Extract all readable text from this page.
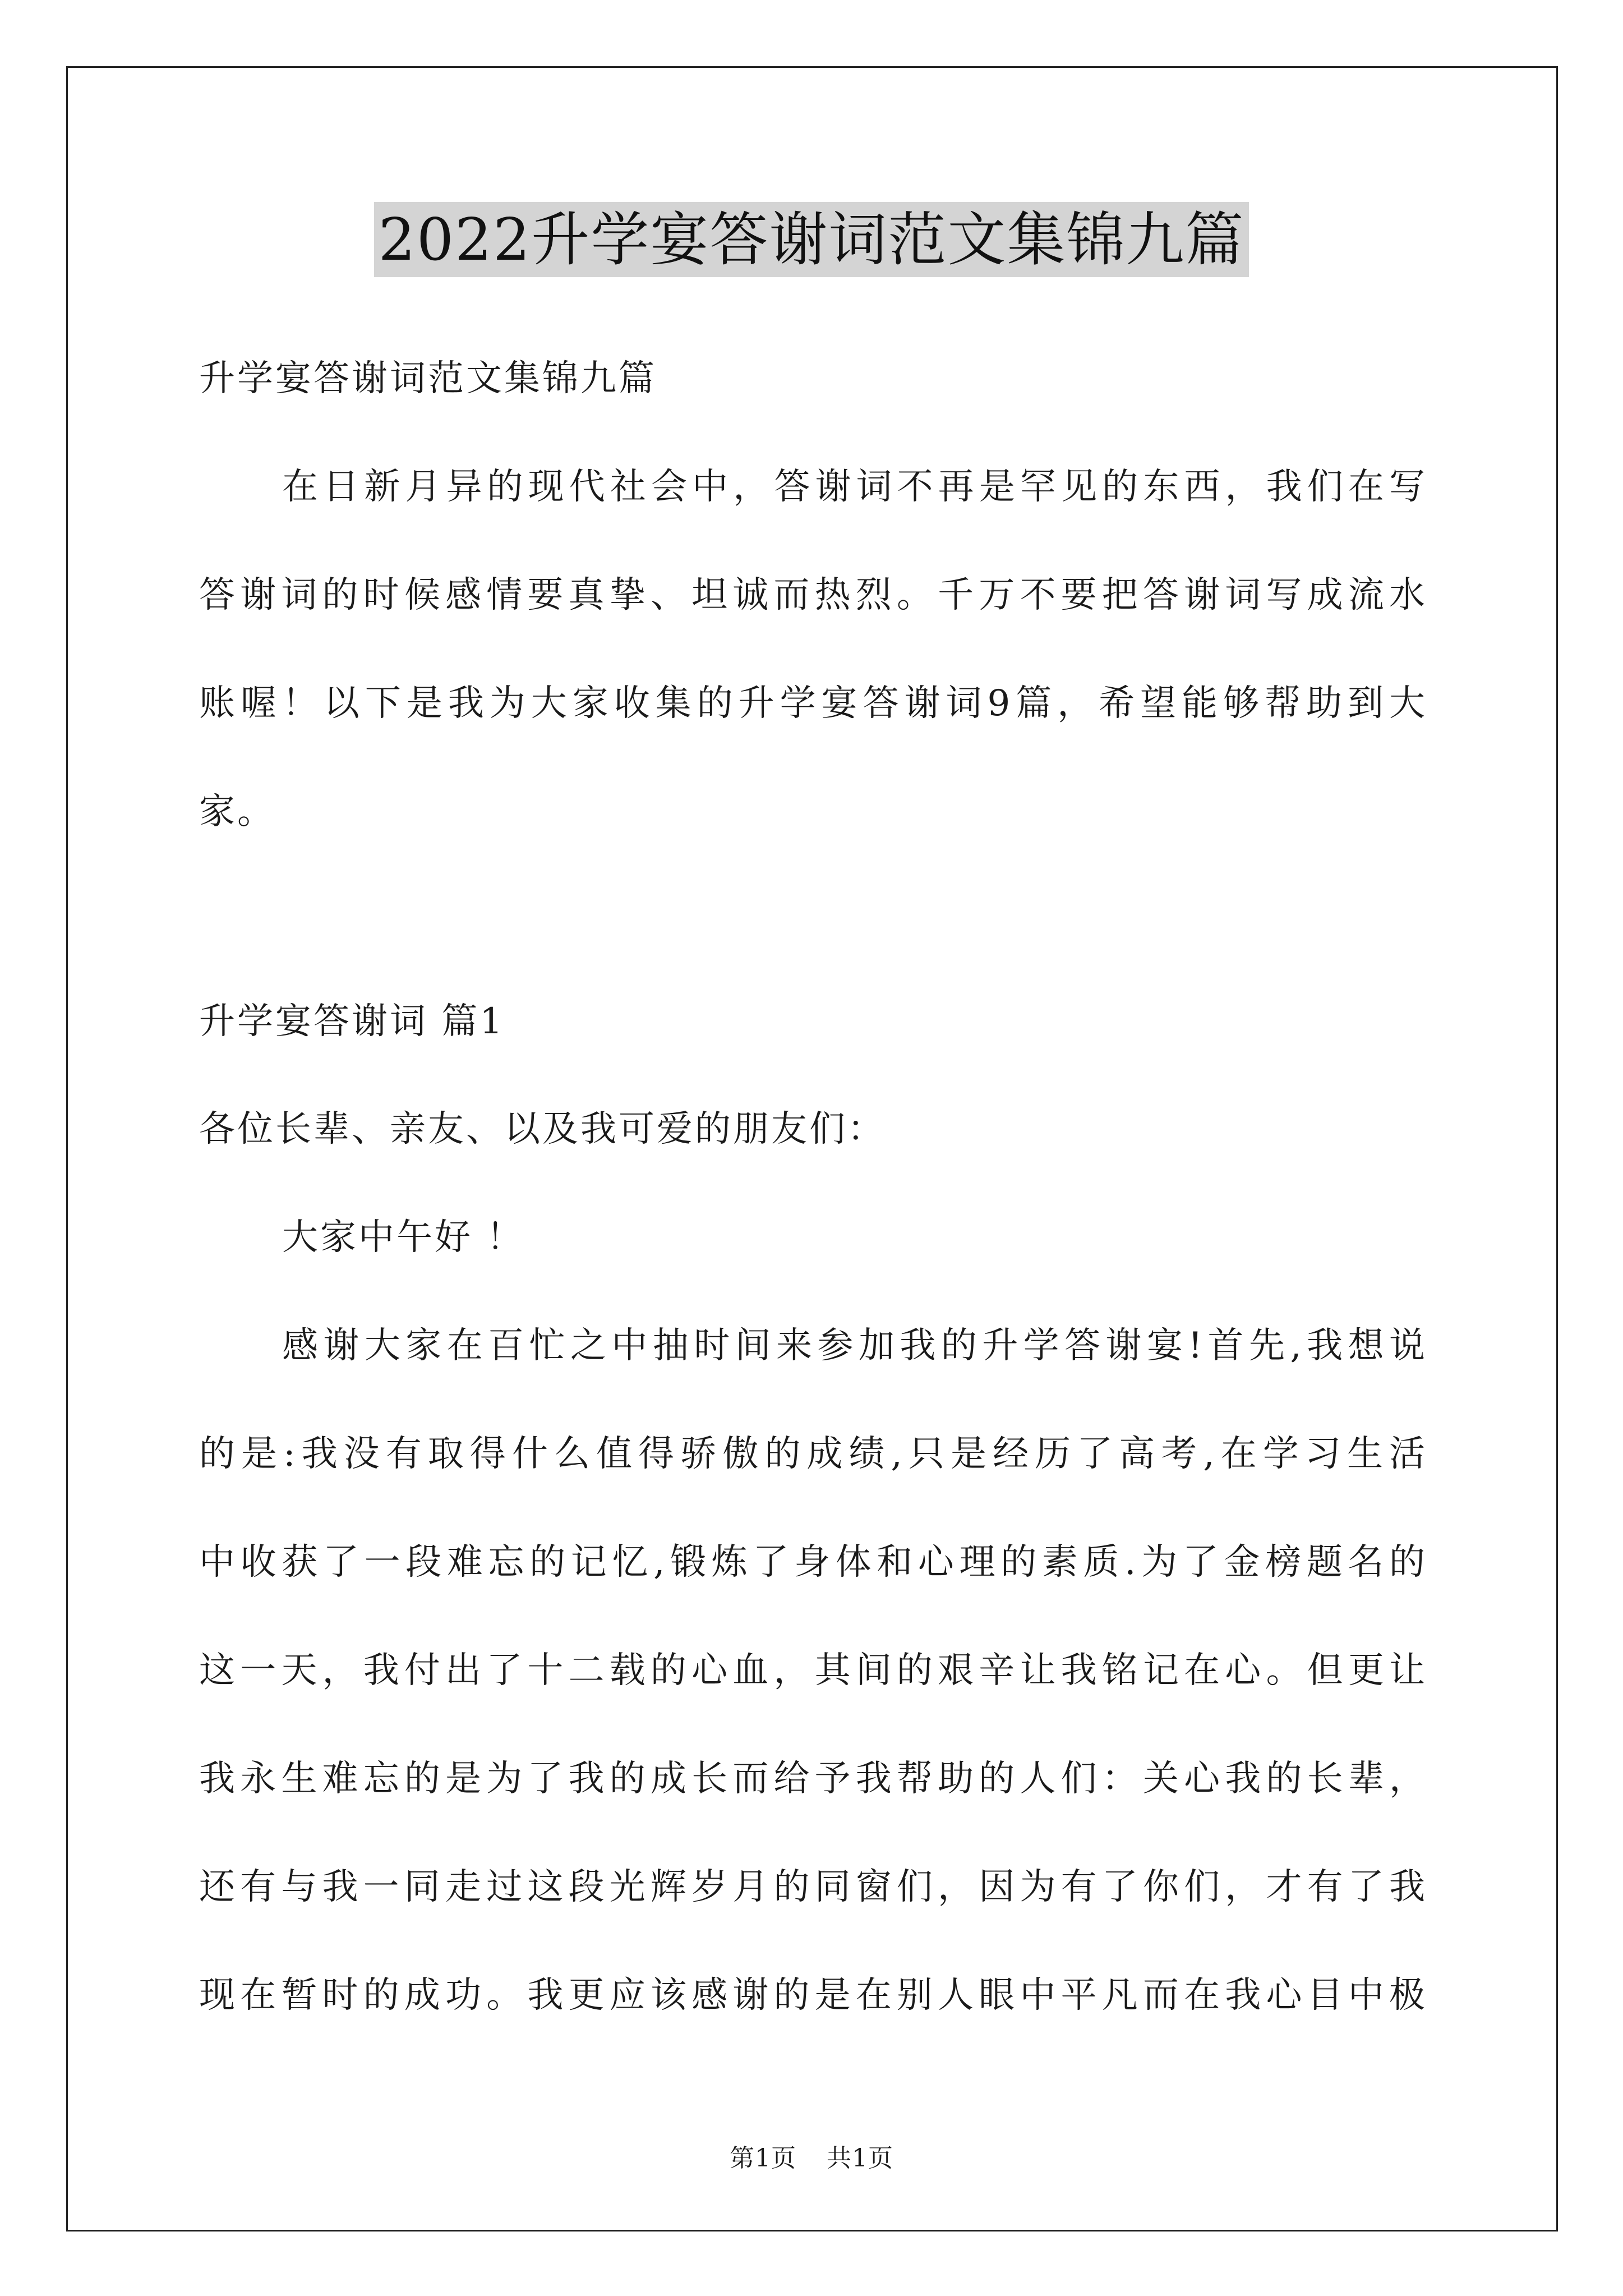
2022升学宴答谢词范文集锦九篇
升学宴答谢词范文集锦九篇
在日新月异的现代社会中，答谢词不再是罕见的东西，我们在写
答谢词的时候感情要真挚、坦诚而热烈。千万不要把答谢词写成流水
账喔！以下是我为大家收集的升学宴答谢词9篇，希望能够帮助到大
家。
升学宴答谢词 篇1
各位长辈、亲友、以及我可爱的朋友们：
大家中午好 ！
感谢大家在百忙之中抽时间来参加我的升学答谢宴!首先,我想说
的是:我没有取得什么值得骄傲的成绩,只是经历了高考,在学习生活
中收获了一段难忘的记忆,锻炼了身体和心理的素质.为了金榜题名的
这一天，我付出了十二载的心血，其间的艰辛让我铭记在心。但更让
我永生难忘的是为了我的成长而给予我帮助的人们：关心我的长辈，
还有与我一同走过这段光辉岁月的同窗们，因为有了你们，才有了我
现在暂时的成功。我更应该感谢的是在别人眼中平凡而在我心目中极
第1页 共1页
